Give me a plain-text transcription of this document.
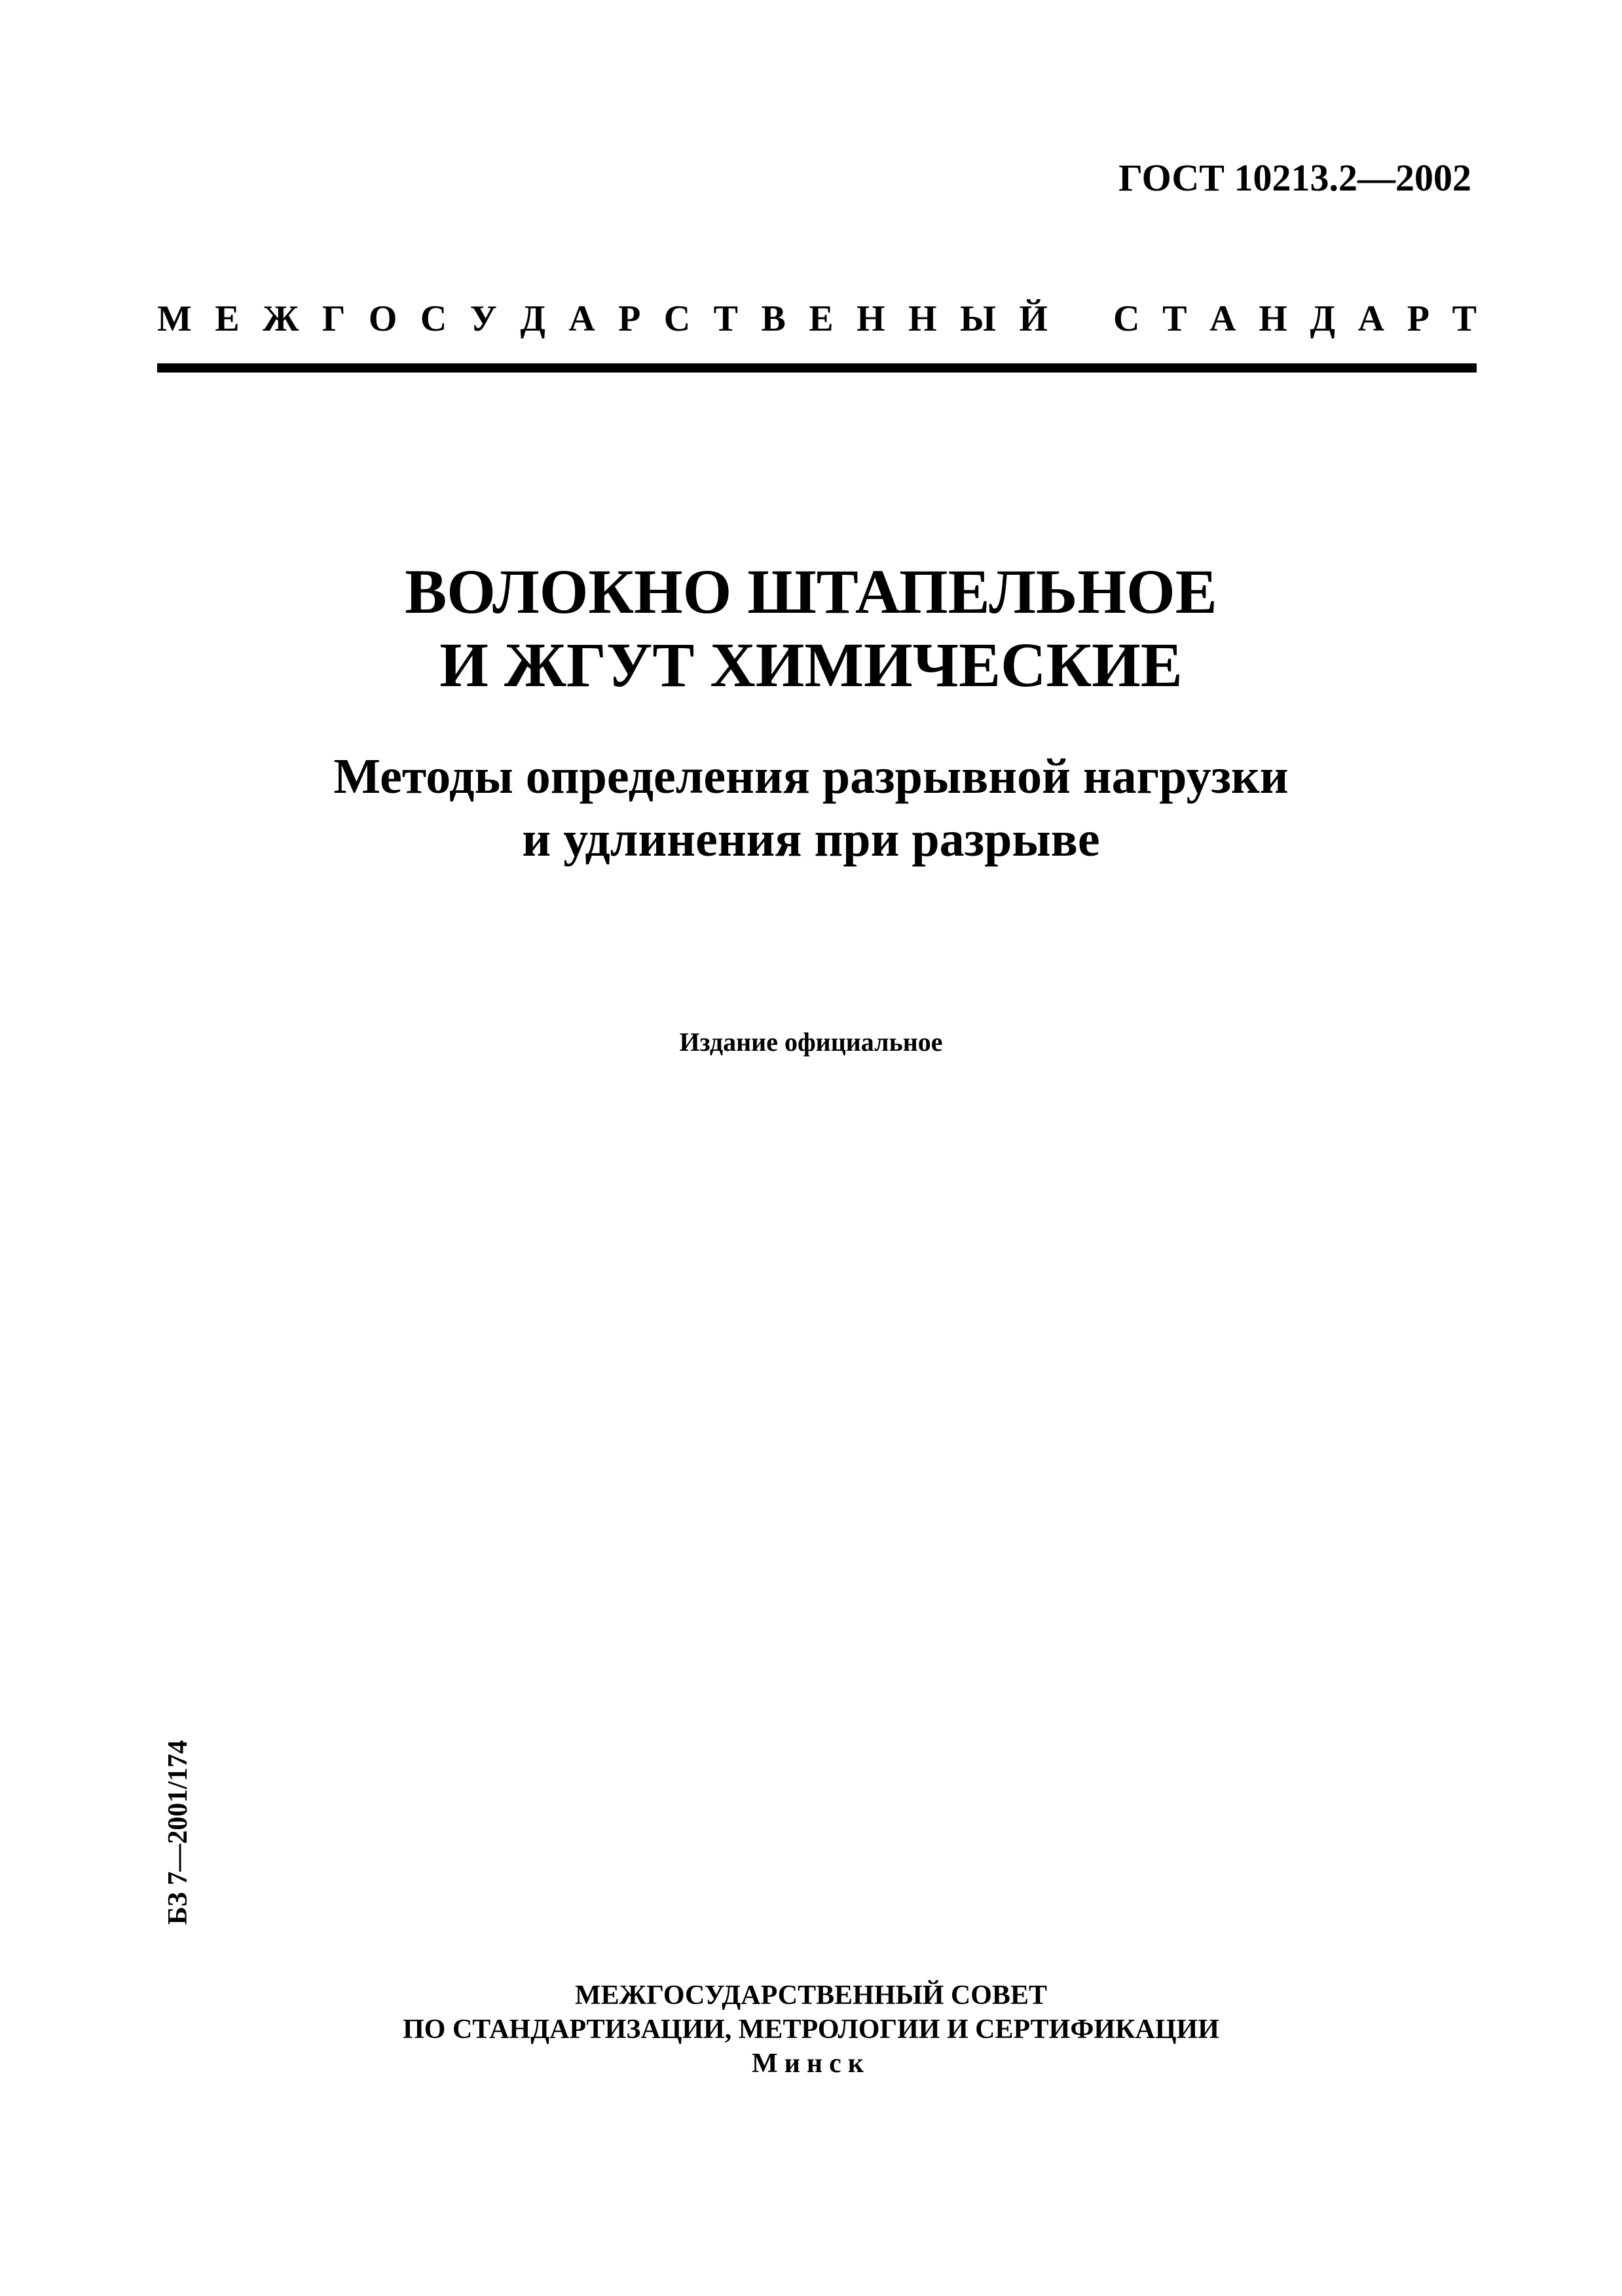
ГОСТ 10213.2—2002
М Е Ж Г О С У Д А Р С Т В Е Н Н Ы Й С Т А Н Д А Р Т
ВОЛОКНО ШТАПЕЛЬНОЕ
И ЖГУТ ХИМИЧЕСКИЕ
Методы определения разрывной нагрузки
и удлинения при разрыве
Издание официальное
БЗ 7—2001/174
МЕЖГОСУДАРСТВЕННЫЙ СОВЕТ
ПО СТАНДАРТИЗАЦИИ, МЕТРОЛОГИИ И СЕРТИФИКАЦИИ
Минск
